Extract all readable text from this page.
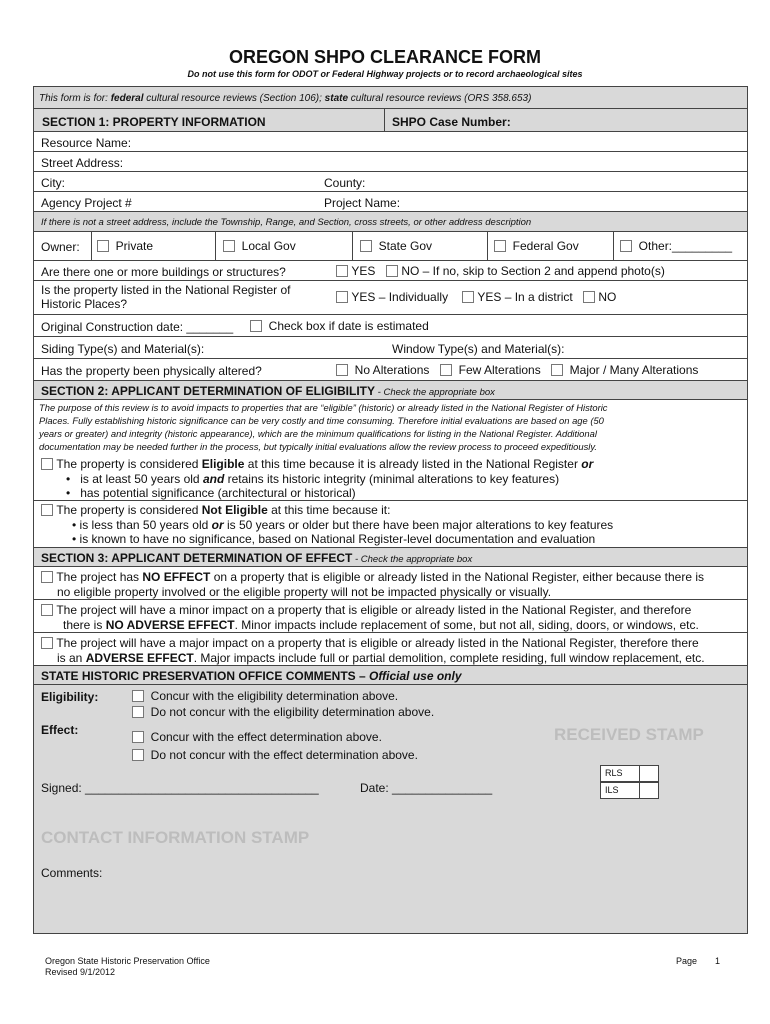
OREGON SHPO CLEARANCE FORM
Do not use this form for ODOT or Federal Highway projects or to record archaeological sites
This form is for: federal cultural resource reviews (Section 106); state cultural resource reviews (ORS 358.653)
SECTION 1: PROPERTY INFORMATION	SHPO Case Number:
Resource Name:
Street Address:
City:	County:
Agency Project #	Project Name:
If there is not a street address, include the Township, Range, and Section, cross streets, or other address description
Owner:	Private	Local Gov	State Gov	Federal Gov	Other:_________
Are there one or more buildings or structures?	YES	NO – If no, skip to Section 2 and append photo(s)
Is the property listed in the National Register of
Historic Places?	YES – Individually	YES – In a district	NO
Original Construction date: _______	Check box if date is estimated
Siding Type(s) and Material(s):	Window Type(s) and Material(s):
Has the property been physically altered?	No Alterations	Few Alterations	Major / Many Alterations
SECTION 2: APPLICANT DETERMINATION OF ELIGIBILITY - Check the appropriate box
The purpose of this review is to avoid impacts to properties that are “eligible” (historic) or already listed in the National Register of Historic
Places. Fully establishing historic significance can be very costly and time consuming. Therefore initial evaluations are based on age (50
years or greater) and integrity (historic appearance), which are the minimum qualifications for listing in the National Register. Additional
documentation may be needed further in the process, but typically initial evaluations allow the review process to proceed expeditiously.
The property is considered Eligible at this time because it is already listed in the National Register or
•   is at least 50 years old and retains its historic integrity (minimal alterations to key features)
•   has potential significance (architectural or historical)
The property is considered Not Eligible at this time because it:
• is less than 50 years old or is 50 years or older but there have been major alterations to key features
• is known to have no significance, based on National Register-level documentation and evaluation
SECTION 3: APPLICANT DETERMINATION OF EFFECT - Check the appropriate box
The project has NO EFFECT on a property that is eligible or already listed in the National Register, either because there is
no eligible property involved or the eligible property will not be impacted physically or visually.
The project will have a minor impact on a property that is eligible or already listed in the National Register, and therefore
there is NO ADVERSE EFFECT. Minor impacts include replacement of some, but not all, siding, doors, or windows, etc.
The project will have a major impact on a property that is eligible or already listed in the National Register, therefore there
is an ADVERSE EFFECT. Major impacts include full or partial demolition, complete residing, full window replacement, etc.
STATE HISTORIC PRESERVATION OFFICE COMMENTS – Official use only
Eligibility:	Concur with the eligibility determination above.
Do not concur with the eligibility determination above.
Effect:	Concur with the effect determination above.
Do not concur with the effect determination above.
RECEIVED STAMP
RLS
ILS
Signed: ___________________________________	Date: _______________
CONTACT INFORMATION STAMP
Comments:
Oregon State Historic Preservation Office
Revised 9/1/2012
Page 1
